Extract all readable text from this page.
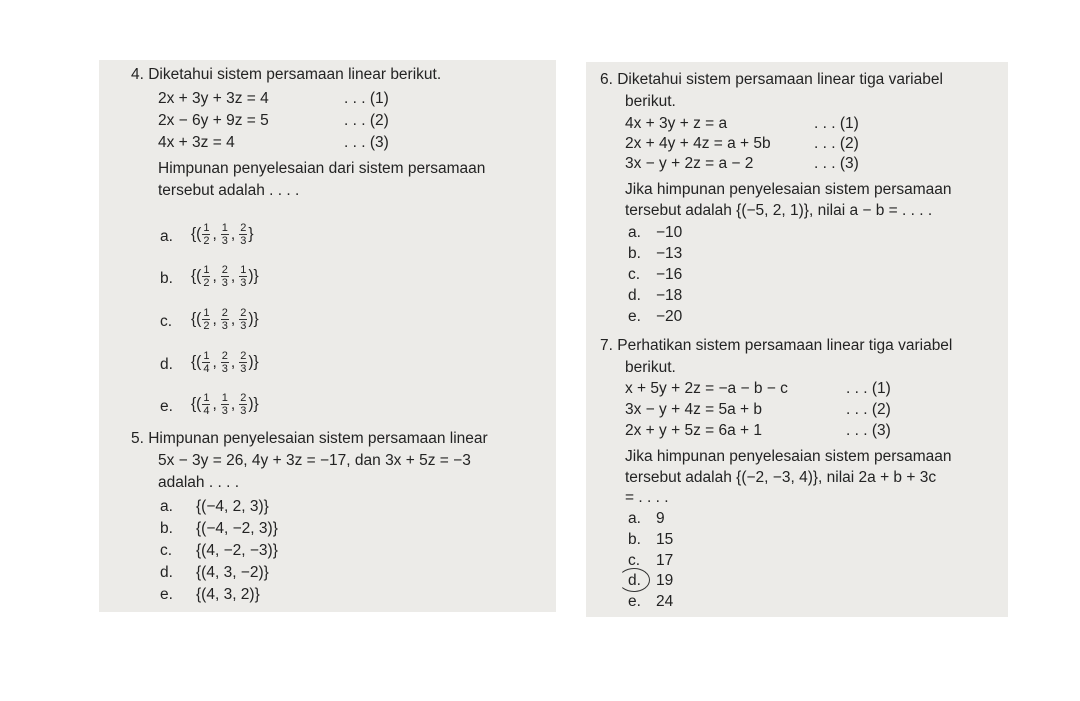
4. Diketahui sistem persamaan linear berikut.
2x + 3y + 3z = 4	. . . (1)
2x − 6y + 9z = 5	. . . (2)
4x + 3z = 4	. . . (3)
Himpunan penyelesaian dari sistem persamaan
tersebut adalah . . . .
a. {( $\frac{1}{2}$ , $\frac{1}{3}$ , $\frac{2}{3}$ }
b. {( $\frac{1}{2}$ , $\frac{2}{3}$ , $\frac{1}{3}$ )}
c. {( $\frac{1}{2}$ , $\frac{2}{3}$ , $\frac{2}{3}$ )}
d. {( $\frac{1}{4}$ , $\frac{2}{3}$ , $\frac{2}{3}$ )}
e. {( $\frac{1}{4}$ , $\frac{1}{3}$ , $\frac{2}{3}$ )}
5. Himpunan penyelesaian sistem persamaan linear
5x − 3y = 26, 4y + 3z = −17, dan 3x + 5z = −3
adalah . . . .
a. {(−4, 2, 3)}
b. {(−4, −2, 3)}
c. {(4, −2, −3)}
d. {(4, 3, −2)}
e. {(4, 3, 2)}
6. Diketahui sistem persamaan linear tiga variabel
berikut.
4x + 3y + z = a	. . . (1)
2x + 4y + 4z = a + 5b	. . . (2)
3x − y + 2z = a − 2	. . . (3)
Jika himpunan penyelesaian sistem persamaan
tersebut adalah {(−5, 2, 1)}, nilai a − b = . . . .
a. −10
b. −13
c. −16
d. −18
e. −20
7. Perhatikan sistem persamaan linear tiga variabel
berikut.
x + 5y + 2z = −a − b − c	. . . (1)
3x − y + 4z = 5a + b	. . . (2)
2x + y + 5z = 6a + 1	. . . (3)
Jika himpunan penyelesaian sistem persamaan
tersebut adalah {(−2, −3, 4)}, nilai 2a + b + 3c
= . . . .
a. 9
b. 15
c. 17
d. 19
e. 24
